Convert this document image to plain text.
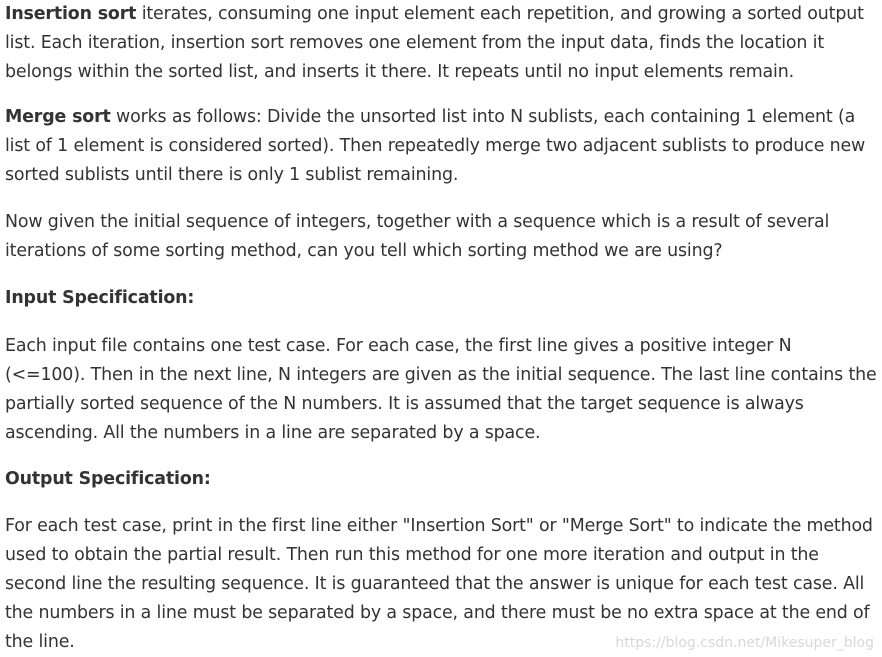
Insertion sort iterates, consuming one input element each repetition, and growing a sorted output list. Each iteration, insertion sort removes one element from the input data, finds the location it belongs within the sorted list, and inserts it there. It repeats until no input elements remain.

Merge sort works as follows: Divide the unsorted list into N sublists, each containing 1 element (a list of 1 element is considered sorted). Then repeatedly merge two adjacent sublists to produce new sorted sublists until there is only 1 sublist remaining.

Now given the initial sequence of integers, together with a sequence which is a result of several iterations of some sorting method, can you tell which sorting method we are using?

Input Specification:

Each input file contains one test case. For each case, the first line gives a positive integer N (<=100). Then in the next line, N integers are given as the initial sequence. The last line contains the partially sorted sequence of the N numbers. It is assumed that the target sequence is always ascending. All the numbers in a line are separated by a space.

Output Specification:

For each test case, print in the first line either "Insertion Sort" or "Merge Sort" to indicate the method used to obtain the partial result. Then run this method for one more iteration and output in the second line the resulting sequence. It is guaranteed that the answer is unique for each test case. All the numbers in a line must be separated by a space, and there must be no extra space at the end of the line.	https://blog.csdn.net/Mikesuper_blog
